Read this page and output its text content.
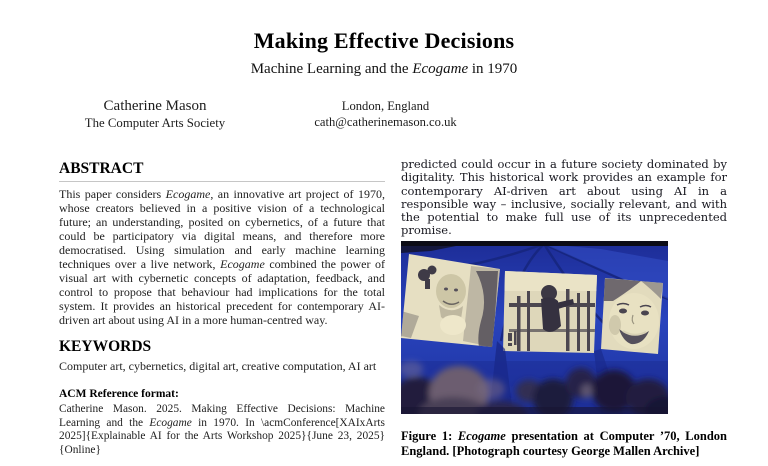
Making Effective Decisions
Machine Learning and the Ecogame in 1970
Catherine Mason
The Computer Arts Society
London, England
cath@catherinemason.co.uk
ABSTRACT

This paper considers Ecogame, an innovative art project of 1970, whose creators believed in a positive vision of a technological future; an understanding, posited on cybernetics, of a future that could be participatory via digital means, and therefore more democratised. Using simulation and early machine learning techniques over a live network, Ecogame combined the power of visual art with cybernetic concepts of adaptation, feedback, and control to propose that behaviour had implications for the total system. It provides an historical precedent for contemporary AI-driven art about using AI in a more human-centred way.

KEYWORDS

Computer art, cybernetics, digital art, creative computation, AI art

ACM Reference format:

Catherine Mason. 2025. Making Effective Decisions: Machine Learning and the Ecogame in 1970. In \acmConference[XAIxArts 2025]{Explainable AI for the Arts Workshop 2025}{June 23, 2025}{Online}

predicted could occur in a future society dominated by digitality. This historical work provides an example for contemporary AI-driven art about using AI in a responsible way – inclusive, socially relevant, and with the potential to make full use of its unprecedented promise.

Figure 1: Ecogame presentation at Computer ’70, London England. [Photograph courtesy George Mallen Archive]
